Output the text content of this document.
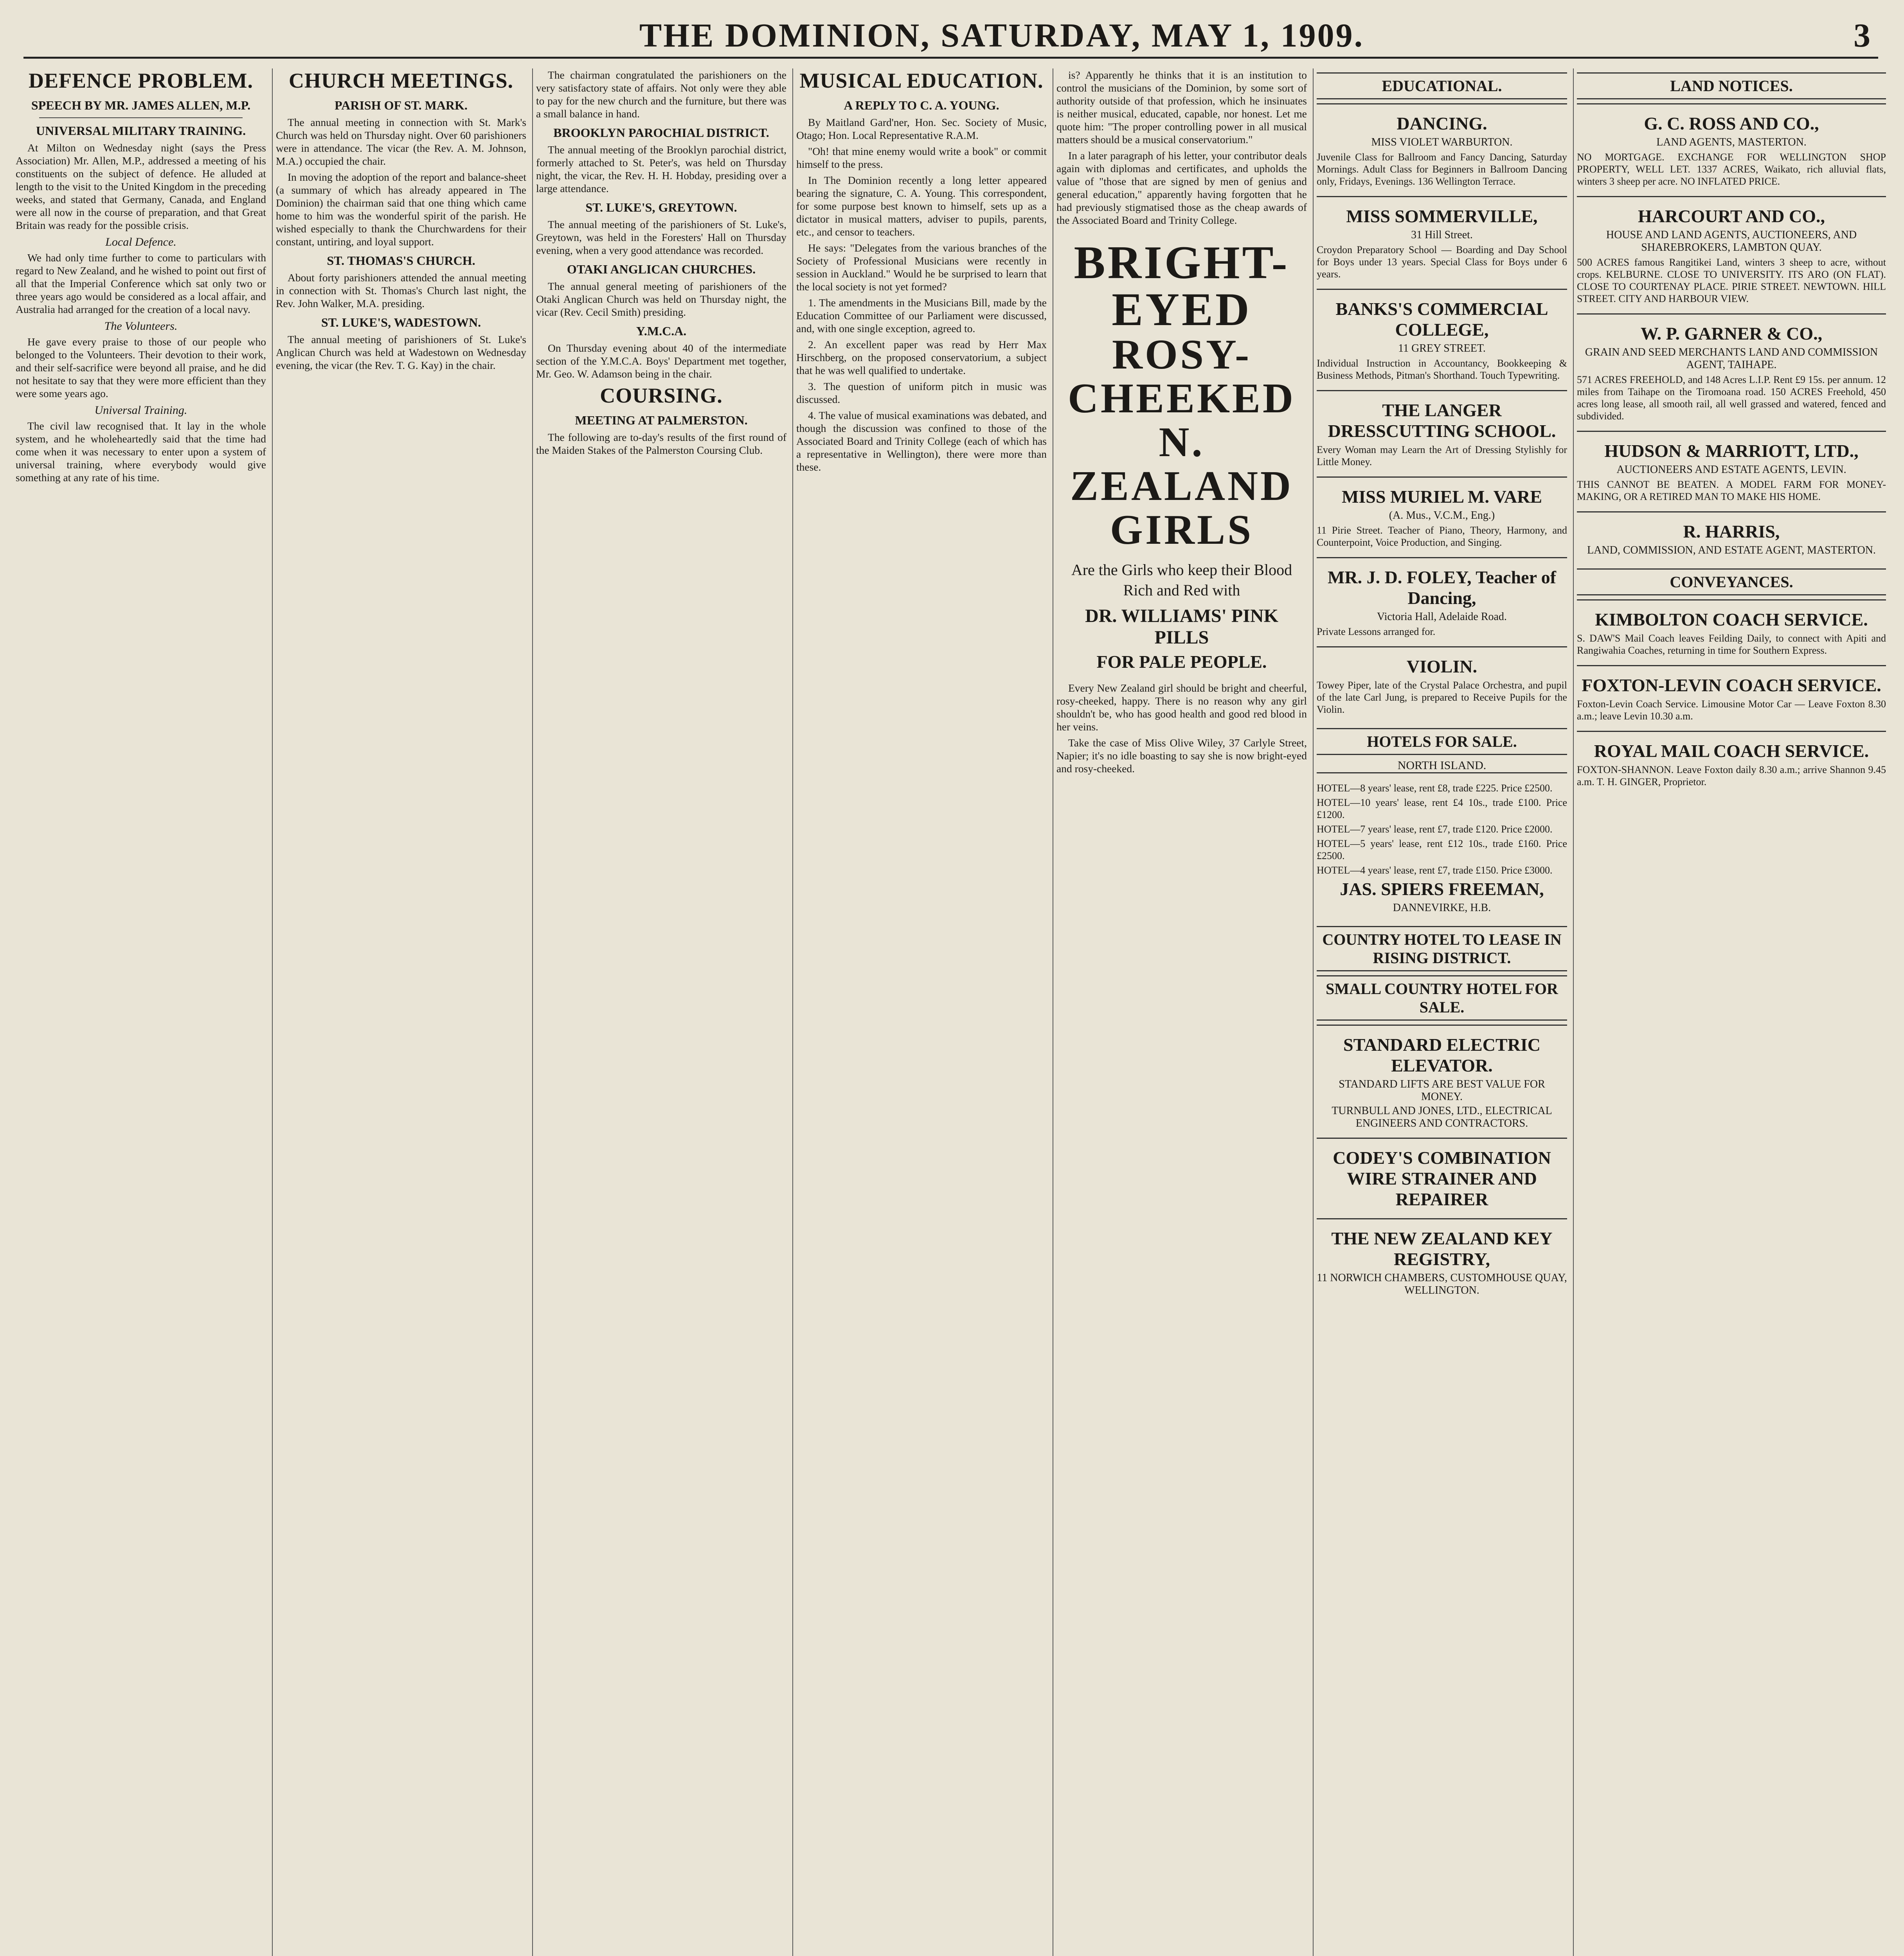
THE DOMINION, SATURDAY, MAY 1, 1909.	3
DEFENCE PROBLEM.
SPEECH BY MR. JAMES ALLEN, M.P.
UNIVERSAL MILITARY TRAINING.

At Milton on Wednesday night (says the Press Association) Mr. Allen, M.P., addressed a meeting of his constituents on the subject of defence. He alluded at length to the visit to the United Kingdom in the preceding weeks, and stated that Germany, Canada, and England were all now in the course of preparation, and that Great Britain was ready for the possible crisis.

Local Defence.

We had only time further to come to particulars with regard to New Zealand, and he wished to point out first of all that the Imperial Conference which sat only two or three years ago would be considered as a local affair, and Australia had arranged for the creation of a local navy.

The Volunteers.

He gave every praise to those of our people who belonged to the Volunteers. Their devotion to their work, and their self-sacrifice were beyond all praise, and he did not hesitate to say that they were more efficient than they were some years ago.

Universal Training.

The civil law recognised that. It lay in the whole system, and he wholeheartedly said that the time had come when it was necessary to enter upon a system of universal training, where everybody would give something at any rate of his time.

CHURCH MEETINGS.
PARISH OF ST. MARK.

The annual meeting in connection with St. Mark's Church was held on Thursday night. Over 60 parishioners were in attendance. The vicar (the Rev. A. M. Johnson, M.A.) occupied the chair.

In moving the adoption of the report and balance-sheet (a summary of which has already appeared in The Dominion) the chairman said that one thing which came home to him was the wonderful spirit of the parish. He wished especially to thank the Churchwardens for their constant, untiring, and loyal support.

ST. THOMAS'S CHURCH.

About forty parishioners attended the annual meeting in connection with St. Thomas's Church last night, the Rev. John Walker, M.A. presiding.

ST. LUKE'S, WADESTOWN.

The annual meeting of parishioners of St. Luke's Anglican Church was held at Wadestown on Wednesday evening, the vicar (the Rev. T. G. Kay) in the chair.

The chairman congratulated the parishioners on the very satisfactory state of affairs. Not only were they able to pay for the new church and the furniture, but there was a small balance in hand.

BROOKLYN PAROCHIAL DISTRICT.

The annual meeting of the Brooklyn parochial district, formerly attached to St. Peter's, was held on Thursday night, the vicar, the Rev. H. H. Hobday, presiding over a large attendance.

ST. LUKE'S, GREYTOWN.

The annual meeting of the parishioners of St. Luke's, Greytown, was held in the Foresters' Hall on Thursday evening, when a very good attendance was recorded.

OTAKI ANGLICAN CHURCHES.

The annual general meeting of parishioners of the Otaki Anglican Church was held on Thursday night, the vicar (Rev. Cecil Smith) presiding.

Y.M.C.A.

On Thursday evening about 40 of the intermediate section of the Y.M.C.A. Boys' Department met together, Mr. Geo. W. Adamson being in the chair.

COURSING.
MEETING AT PALMERSTON.

The following are to-day's results of the first round of the Maiden Stakes of the Palmerston Coursing Club.

MUSICAL EDUCATION.
A REPLY TO C. A. YOUNG.

By Maitland Gard'ner, Hon. Sec. Society of Music, Otago; Hon. Local Representative R.A.M.

"Oh! that mine enemy would write a book" or commit himself to the press.

In The Dominion recently a long letter appeared bearing the signature, C. A. Young. This correspondent, for some purpose best known to himself, sets up as a dictator in musical matters, adviser to pupils, parents, etc., and censor to teachers.

He says: "Delegates from the various branches of the Society of Professional Musicians were recently in session in Auckland." Would he be surprised to learn that the local society is not yet formed?

1. The amendments in the Musicians Bill, made by the Education Committee of our Parliament were discussed, and, with one single exception, agreed to.

2. An excellent paper was read by Herr Max Hirschberg, on the proposed conservatorium, a subject that he was well qualified to undertake.

3. The question of uniform pitch in music was discussed.

4. The value of musical examinations was debated, and though the discussion was confined to those of the Associated Board and Trinity College (each of which has a representative in Wellington), there were more than these.

is? Apparently he thinks that it is an institution to control the musicians of the Dominion, by some sort of authority outside of that profession, which he insinuates is neither musical, educated, capable, nor honest. Let me quote him: "The proper controlling power in all musical matters should be a musical conservatorium."

In a later paragraph of his letter, your contributor deals again with diplomas and certificates, and upholds the value of "those that are signed by men of genius and general education," apparently having forgotten that he had previously stigmatised those as the cheap awards of the Associated Board and Trinity College.

BRIGHT-EYED
ROSY-CHEEKED
N. ZEALAND GIRLS
Are the Girls who keep their Blood Rich and Red with
DR. WILLIAMS' PINK PILLS
FOR PALE PEOPLE.

Every New Zealand girl should be bright and cheerful, rosy-cheeked, happy. There is no reason why any girl shouldn't be, who has good health and good red blood in her veins.

Take the case of Miss Olive Wiley, 37 Carlyle Street, Napier; it's no idle boasting to say she is now bright-eyed and rosy-cheeked.

EDUCATIONAL.
DANCING.
MISS VIOLET WARBURTON.
Juvenile Class for Ballroom and Fancy Dancing, Saturday Mornings. Adult Class for Beginners in Ballroom Dancing only, Fridays, Evenings. 136 Wellington Terrace.
MISS SOMMERVILLE,
31 Hill Street.
Croydon Preparatory School — Boarding and Day School for Boys under 13 years. Special Class for Boys under 6 years.
BANKS'S COMMERCIAL COLLEGE,
11 GREY STREET.
Individual Instruction in Accountancy, Bookkeeping & Business Methods, Pitman's Shorthand. Touch Typewriting.
THE LANGER DRESSCUTTING SCHOOL.
Every Woman may Learn the Art of Dressing Stylishly for Little Money.
MISS MURIEL M. VARE
(A. Mus., V.C.M., Eng.)
11 Pirie Street. Teacher of Piano, Theory, Harmony, and Counterpoint, Voice Production, and Singing.
MR. J. D. FOLEY, Teacher of Dancing,
Victoria Hall, Adelaide Road.
Private Lessons arranged for.
VIOLIN.
Towey Piper, late of the Crystal Palace Orchestra, and pupil of the late Carl Jung, is prepared to Receive Pupils for the Violin.
HOTELS FOR SALE.
NORTH ISLAND.
HOTEL—8 years' lease, rent £8, trade £225. Price £2500.
HOTEL—10 years' lease, rent £4 10s., trade £100. Price £1200.
HOTEL—7 years' lease, rent £7, trade £120. Price £2000.
HOTEL—5 years' lease, rent £12 10s., trade £160. Price £2500.
HOTEL—4 years' lease, rent £7, trade £150. Price £3000.
JAS. SPIERS FREEMAN,
DANNEVIRKE, H.B.
COUNTRY HOTEL TO LEASE IN RISING DISTRICT.
SMALL COUNTRY HOTEL FOR SALE.
STANDARD ELECTRIC ELEVATOR.
STANDARD LIFTS ARE BEST VALUE FOR MONEY.
TURNBULL AND JONES, LTD., ELECTRICAL ENGINEERS AND CONTRACTORS.
CODEY'S COMBINATION WIRE STRAINER AND REPAIRER
THE NEW ZEALAND KEY REGISTRY,
11 NORWICH CHAMBERS, CUSTOMHOUSE QUAY, WELLINGTON.
LAND NOTICES.
G. C. ROSS AND CO.,
LAND AGENTS, MASTERTON.
NO MORTGAGE. EXCHANGE FOR WELLINGTON SHOP PROPERTY, WELL LET. 1337 ACRES, Waikato, rich alluvial flats, winters 3 sheep per acre. NO INFLATED PRICE.
HARCOURT AND CO.,
HOUSE AND LAND AGENTS, AUCTIONEERS, AND SHAREBROKERS, LAMBTON QUAY.
500 ACRES famous Rangitikei Land, winters 3 sheep to acre, without crops. KELBURNE. CLOSE TO UNIVERSITY. ITS ARO (ON FLAT). CLOSE TO COURTENAY PLACE. PIRIE STREET. NEWTOWN. HILL STREET. CITY AND HARBOUR VIEW.
W. P. GARNER & CO.,
GRAIN AND SEED MERCHANTS LAND AND COMMISSION AGENT, TAIHAPE.
571 ACRES FREEHOLD, and 148 Acres L.I.P. Rent £9 15s. per annum. 12 miles from Taihape on the Tiromoana road. 150 ACRES Freehold, 450 acres long lease, all smooth rail, all well grassed and watered, fenced and subdivided.
HUDSON & MARRIOTT, LTD.,
AUCTIONEERS AND ESTATE AGENTS, LEVIN.
THIS CANNOT BE BEATEN. A MODEL FARM FOR MONEY-MAKING, OR A RETIRED MAN TO MAKE HIS HOME.
R. HARRIS,
LAND, COMMISSION, AND ESTATE AGENT, MASTERTON.
CONVEYANCES.
KIMBOLTON COACH SERVICE.
S. DAW'S Mail Coach leaves Feilding Daily, to connect with Apiti and Rangiwahia Coaches, returning in time for Southern Express.
FOXTON-LEVIN COACH SERVICE.
Foxton-Levin Coach Service. Limousine Motor Car — Leave Foxton 8.30 a.m.; leave Levin 10.30 a.m.
ROYAL MAIL COACH SERVICE.
FOXTON-SHANNON. Leave Foxton daily 8.30 a.m.; arrive Shannon 9.45 a.m. T. H. GINGER, Proprietor.
